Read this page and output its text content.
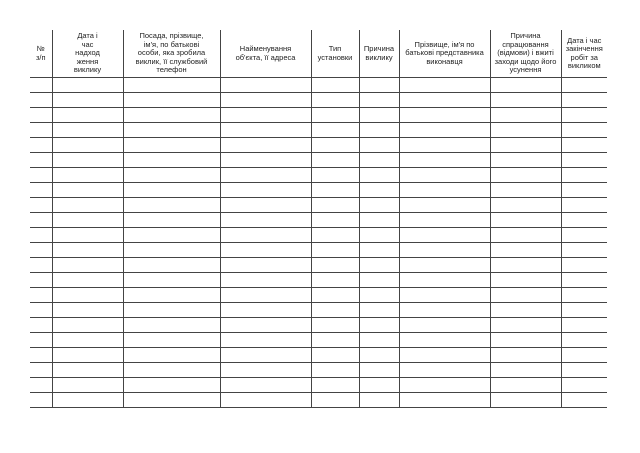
№
з/п	Дата і
час
надход
ження
виклику	Посада, прізвище,
ім'я, по батькові
особи, яка зробила
виклик, її службовий
телефон	Найменування
об'єкта, її адреса	Тип
установки	Причина
виклику	Прізвище, ім'я по
батькові представника
виконавця	Причина
спрацювання
(відмови) і вжиті
заходи щодо його
усунення	Дата і час
закінчення
робіт за
викликом
